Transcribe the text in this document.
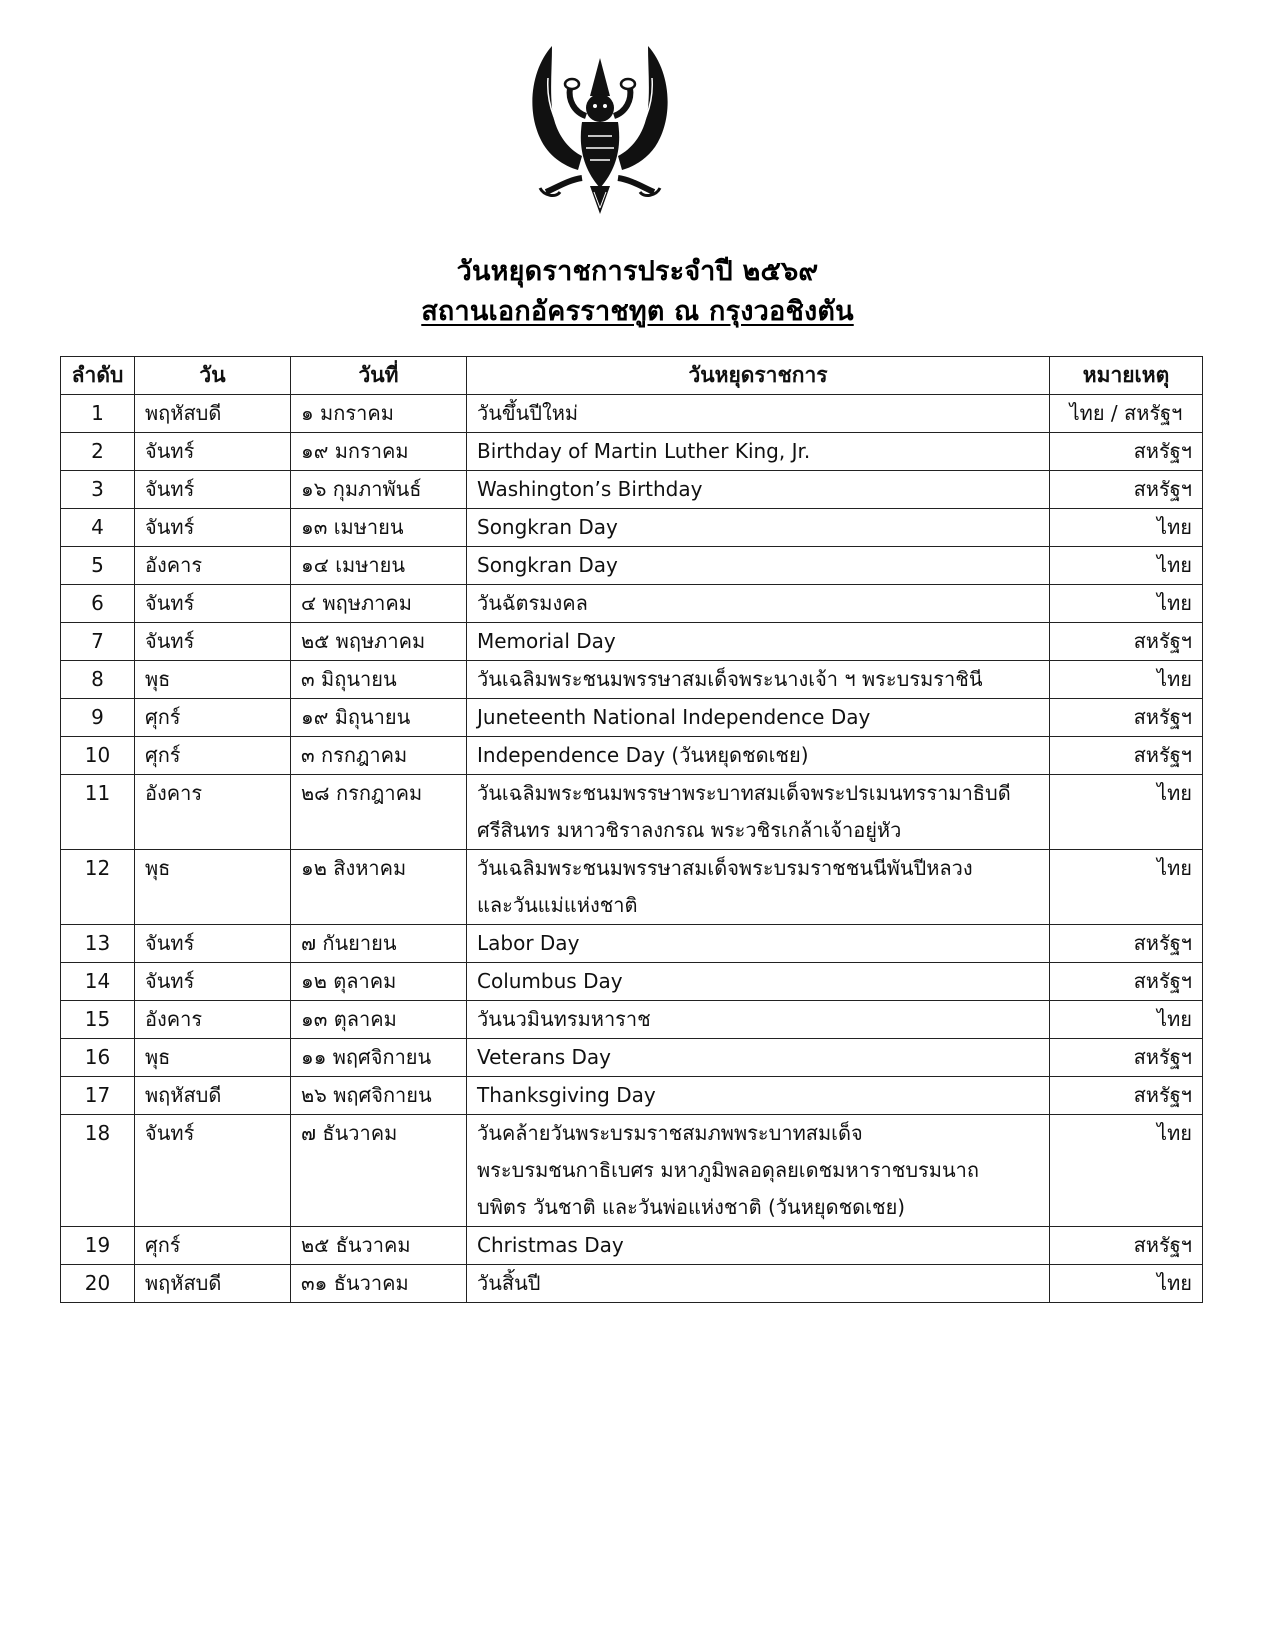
วันหยุดราชการประจำปี ๒๕๖๙
สถานเอกอัครราชทูต ณ กรุงวอชิงตัน
ลำดับ	วัน	วันที่	วันหยุดราชการ	หมายเหตุ
1	พฤหัสบดี	๑ มกราคม	วันขึ้นปีใหม่	ไทย / สหรัฐฯ
2	จันทร์	๑๙ มกราคม	Birthday of Martin Luther King, Jr.	สหรัฐฯ
3	จันทร์	๑๖ กุมภาพันธ์	Washington’s Birthday	สหรัฐฯ
4	จันทร์	๑๓ เมษายน	Songkran Day	ไทย
5	อังคาร	๑๔ เมษายน	Songkran Day	ไทย
6	จันทร์	๔ พฤษภาคม	วันฉัตรมงคล	ไทย
7	จันทร์	๒๕ พฤษภาคม	Memorial Day	สหรัฐฯ
8	พุธ	๓ มิถุนายน	วันเฉลิมพระชนมพรรษาสมเด็จพระนางเจ้า ฯ พระบรมราชินี	ไทย
9	ศุกร์	๑๙ มิถุนายน	Juneteenth National Independence Day	สหรัฐฯ
10	ศุกร์	๓ กรกฎาคม	Independence Day (วันหยุดชดเชย)	สหรัฐฯ
11	อังคาร	๒๘ กรกฎาคม	วันเฉลิมพระชนมพรรษาพระบาทสมเด็จพระปรเมนทรรามาธิบดี
ศรีสินทร มหาวชิราลงกรณ พระวชิรเกล้าเจ้าอยู่หัว	ไทย
12	พุธ	๑๒ สิงหาคม	วันเฉลิมพระชนมพรรษาสมเด็จพระบรมราชชนนีพันปีหลวง
และวันแม่แห่งชาติ	ไทย
13	จันทร์	๗ กันยายน	Labor Day	สหรัฐฯ
14	จันทร์	๑๒ ตุลาคม	Columbus Day	สหรัฐฯ
15	อังคาร	๑๓ ตุลาคม	วันนวมินทรมหาราช	ไทย
16	พุธ	๑๑ พฤศจิกายน	Veterans Day	สหรัฐฯ
17	พฤหัสบดี	๒๖ พฤศจิกายน	Thanksgiving Day	สหรัฐฯ
18	จันทร์	๗ ธันวาคม	วันคล้ายวันพระบรมราชสมภพพระบาทสมเด็จ
พระบรมชนกาธิเบศร มหาภูมิพลอดุลยเดชมหาราชบรมนาถ
บพิตร วันชาติ และวันพ่อแห่งชาติ (วันหยุดชดเชย)	ไทย
19	ศุกร์	๒๕ ธันวาคม	Christmas Day	สหรัฐฯ
20	พฤหัสบดี	๓๑ ธันวาคม	วันสิ้นปี	ไทย
